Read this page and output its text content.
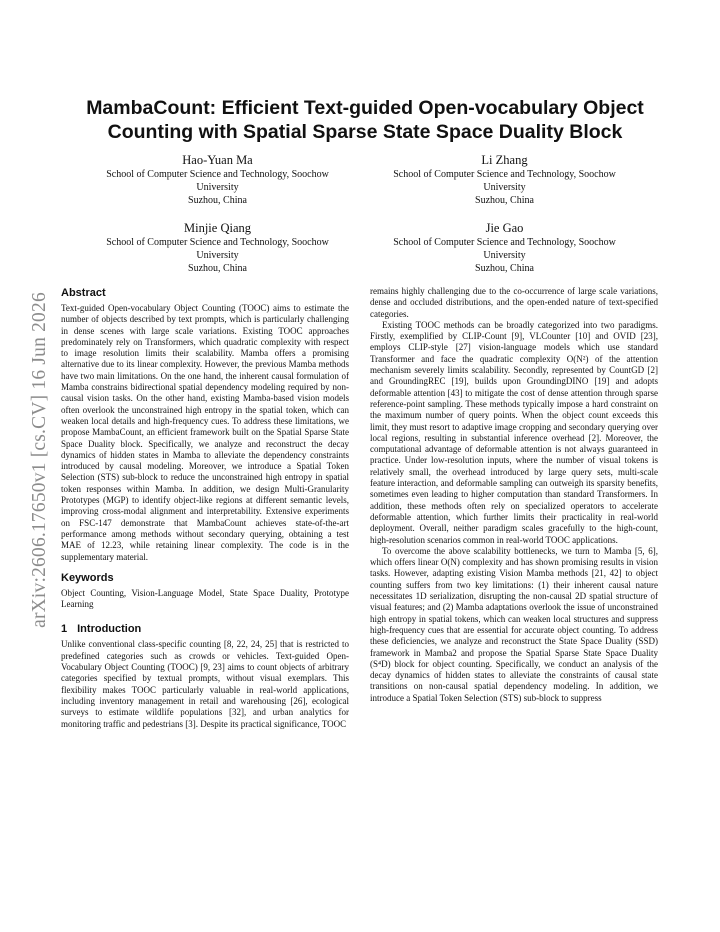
arXiv:2606.17650v1 [cs.CV] 16 Jun 2026
MambaCount: Efficient Text-guided Open-vocabulary Object
Counting with Spatial Sparse State Space Duality Block
Hao-Yuan Ma
School of Computer Science and Technology, Soochow
University
Suzhou, China
Li Zhang
School of Computer Science and Technology, Soochow
University
Suzhou, China
Minjie Qiang
School of Computer Science and Technology, Soochow
University
Suzhou, China
Jie Gao
School of Computer Science and Technology, Soochow
University
Suzhou, China
Abstract

Text-guided Open-vocabulary Object Counting (TOOC) aims to estimate the number of objects described by text prompts, which is particularly challenging in dense scenes with large scale variations. Existing TOOC approaches predominately rely on Transformers, which quadratic complexity with respect to image resolution limits their scalability. Mamba offers a promising alternative due to its linear complexity. However, the previous Mamba methods have two main limitations. On the one hand, the inherent causal formulation of Mamba constrains bidirectional spatial dependency modeling required by non-causal vision tasks. On the other hand, existing Mamba-based vision models often overlook the unconstrained high entropy in the spatial token, which can weaken local details and high-frequency cues. To address these limitations, we propose MambaCount, an efficient framework built on the Spatial Sparse State Space Duality block. Specifically, we analyze and reconstruct the decay dynamics of hidden states in Mamba to alleviate the dependency constraints introduced by causal modeling. Moreover, we introduce a Spatial Token Selection (STS) sub-block to reduce the unconstrained high entropy in spatial token responses within Mamba. In addition, we design Multi-Granularity Prototypes (MGP) to identify object-like regions at different semantic levels, improving cross-modal alignment and interpretability. Extensive experiments on FSC-147 demonstrate that MambaCount achieves state-of-the-art performance among methods without secondary querying, obtaining a test MAE of 12.23, while retaining linear complexity. The code is in the supplementary material.

Keywords

Object Counting, Vision-Language Model, State Space Duality, Prototype Learning

1 Introduction

Unlike conventional class-specific counting [8, 22, 24, 25] that is restricted to predefined categories such as crowds or vehicles. Text-guided Open-Vocabulary Object Counting (TOOC) [9, 23] aims to count objects of arbitrary categories specified by textual prompts, without visual exemplars. This flexibility makes TOOC particularly valuable in real-world applications, including inventory management in retail and warehousing [26], ecological surveys to estimate wildlife populations [32], and urban analytics for monitoring traffic and pedestrians [3]. Despite its practical significance, TOOC

remains highly challenging due to the co-occurrence of large scale variations, dense and occluded distributions, and the open-ended nature of text-specified categories.

Existing TOOC methods can be broadly categorized into two paradigms. Firstly, exemplified by CLIP-Count [9], VLCounter [10] and OVID [23], employs CLIP-style [27] vision-language models which use standard Transformer and face the quadratic complexity O(N²) of the attention mechanism severely limits scalability. Secondly, represented by CountGD [2] and GroundingREC [19], builds upon GroundingDINO [19] and adopts deformable attention [43] to mitigate the cost of dense attention through sparse reference-point sampling. These methods typically impose a hard constraint on the maximum number of query points. When the object count exceeds this limit, they must resort to adaptive image cropping and secondary querying over local regions, resulting in substantial inference overhead [2]. Moreover, the computational advantage of deformable attention is not always guaranteed in practice. Under low-resolution inputs, where the number of visual tokens is relatively small, the overhead introduced by large query sets, multi-scale feature interaction, and deformable sampling can outweigh its sparsity benefits, sometimes even leading to higher computation than standard Transformers. In addition, these methods often rely on specialized operators to accelerate deformable attention, which further limits their practicality in real-world deployment. Overall, neither paradigm scales gracefully to the high-count, high-resolution scenarios common in real-world TOOC applications.

To overcome the above scalability bottlenecks, we turn to Mamba [5, 6], which offers linear O(N) complexity and has shown promising results in vision tasks. However, adapting existing Vision Mamba methods [21, 42] to object counting suffers from two key limitations: (1) their inherent causal nature necessitates 1D serialization, disrupting the non-causal 2D spatial structure of visual features; and (2) Mamba adaptations overlook the issue of unconstrained high entropy in spatial tokens, which can weaken local structures and suppress high-frequency cues that are essential for accurate object counting. To address these deficiencies, we analyze and reconstruct the State Space Duality (SSD) framework in Mamba2 and propose the Spatial Sparse State Space Duality (S⁴D) block for object counting. Specifically, we conduct an analysis of the decay dynamics of hidden states to alleviate the constraints of causal state transitions on non-causal spatial dependency modeling. In addition, we introduce a Spatial Token Selection (STS) sub-block to suppress
